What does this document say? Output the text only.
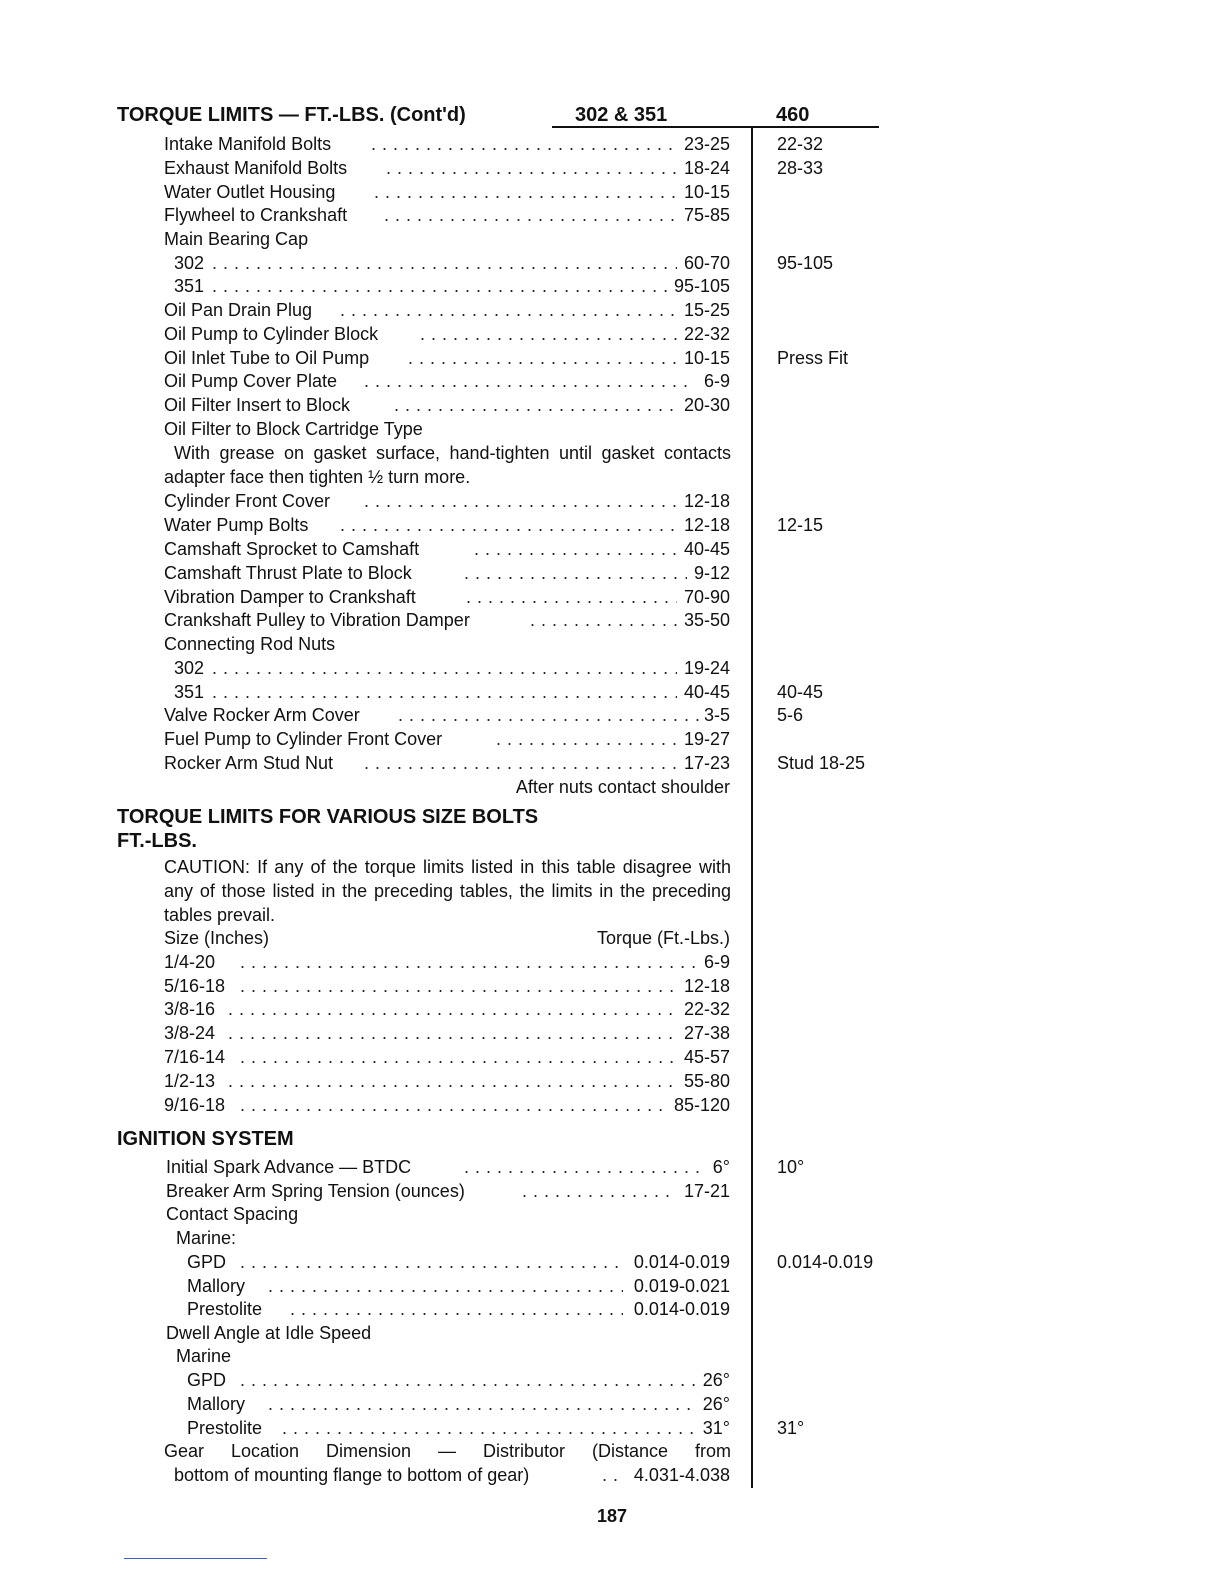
TORQUE LIMITS — FT.-LBS. (Cont'd)	302 & 351	460
Intake Manifold Bolts . . .	23-25	22-32
Exhaust Manifold Bolts . . .	18-24	28-33
Water Outlet Housing . . .	10-15
Flywheel to Crankshaft . . .	75-85
Main Bearing Cap
302 . . .	60-70	95-105
351 . . .	95-105
Oil Pan Drain Plug . . .	15-25
Oil Pump to Cylinder Block . . .	22-32
Oil Inlet Tube to Oil Pump . . .	10-15	Press Fit
Oil Pump Cover Plate . . .	6-9
Oil Filter Insert to Block . . .	20-30
Oil Filter to Block Cartridge Type
With grease on gasket surface, hand-tighten until gasket contacts adapter face then tighten ½ turn more.
Cylinder Front Cover . . .	12-18
Water Pump Bolts . . .	12-18	12-15
Camshaft Sprocket to Camshaft . . .	40-45
Camshaft Thrust Plate to Block . . .	9-12
Vibration Damper to Crankshaft . . .	70-90
Crankshaft Pulley to Vibration Damper . . .	35-50
Connecting Rod Nuts
302 . . .	19-24
351 . . .	40-45	40-45
Valve Rocker Arm Cover . . .	3-5	5-6
Fuel Pump to Cylinder Front Cover . . .	19-27
Rocker Arm Stud Nut . . .	17-23	Stud 18-25
After nuts contact shoulder
TORQUE LIMITS FOR VARIOUS SIZE BOLTS
FT.-LBS.
CAUTION: If any of the torque limits listed in this table disagree with any of those listed in the preceding tables, the limits in the preceding tables prevail.
Size (Inches)	Torque (Ft.-Lbs.)
1/4-20 . . .	6-9
5/16-18 . . .	12-18
3/8-16 . . .	22-32
3/8-24 . . .	27-38
7/16-14 . . .	45-57
1/2-13 . . .	55-80
9/16-18 . . .	85-120
IGNITION SYSTEM
Initial Spark Advance — BTDC . . .	6°	10°
Breaker Arm Spring Tension (ounces) . . .	17-21
Contact Spacing
Marine:
GPD . . .	0.014-0.019	0.014-0.019
Mallory . . .	0.019-0.021
Prestolite . . .	0.014-0.019
Dwell Angle at Idle Speed
Marine
GPD . . .	26°
Mallory . . .	26°
Prestolite . . .	31°	31°
Gear Location Dimension — Distributor (Distance from
bottom of mounting flange to bottom of gear) . . .	4.031-4.038
187
